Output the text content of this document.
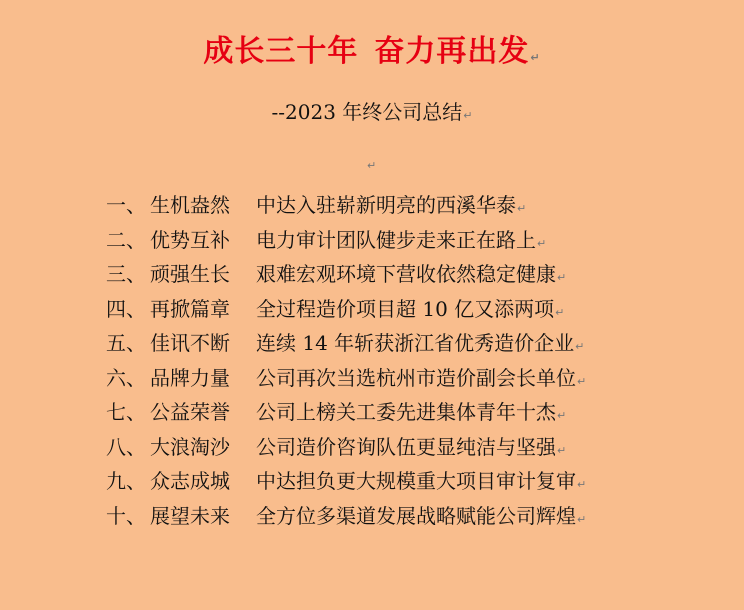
成长三十年 奋力再出发↵
--2023 年终公司总结↵
↵
一、 生机盎然 中达入驻崭新明亮的西溪华泰↵
二、 优势互补 电力审计团队健步走来正在路上↵
三、 顽强生长 艰难宏观环境下营收依然稳定健康↵
四、 再掀篇章 全过程造价项目超 10 亿又添两项↵
五、 佳讯不断 连续 14 年斩获浙江省优秀造价企业↵
六、 品牌力量 公司再次当选杭州市造价副会长单位↵
七、 公益荣誉 公司上榜关工委先进集体青年十杰↵
八、 大浪淘沙 公司造价咨询队伍更显纯洁与坚强↵
九、 众志成城 中达担负更大规模重大项目审计复审↵
十、 展望未来 全方位多渠道发展战略赋能公司辉煌↵
